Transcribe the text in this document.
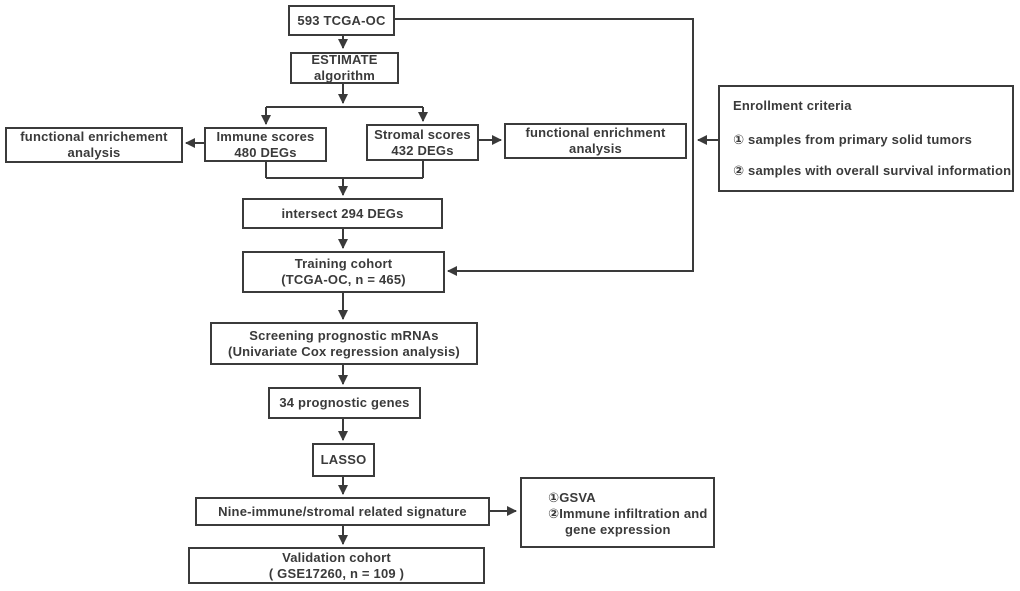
593 TCGA-OC
ESTIMATE
algorithm
Immune scores
480 DEGs
Stromal scores
432 DEGs
functional enrichement
analysis
functional enrichment
analysis
Enrollment criteria
① samples from primary solid tumors
② samples with overall survival information
intersect 294 DEGs
Training cohort
(TCGA-OC, n = 465)
Screening prognostic mRNAs
(Univariate Cox regression analysis)
34 prognostic genes
LASSO
Nine-immune/stromal related signature
①GSVA
②Immune infiltration and
gene expression
Validation cohort
( GSE17260, n = 109 )
